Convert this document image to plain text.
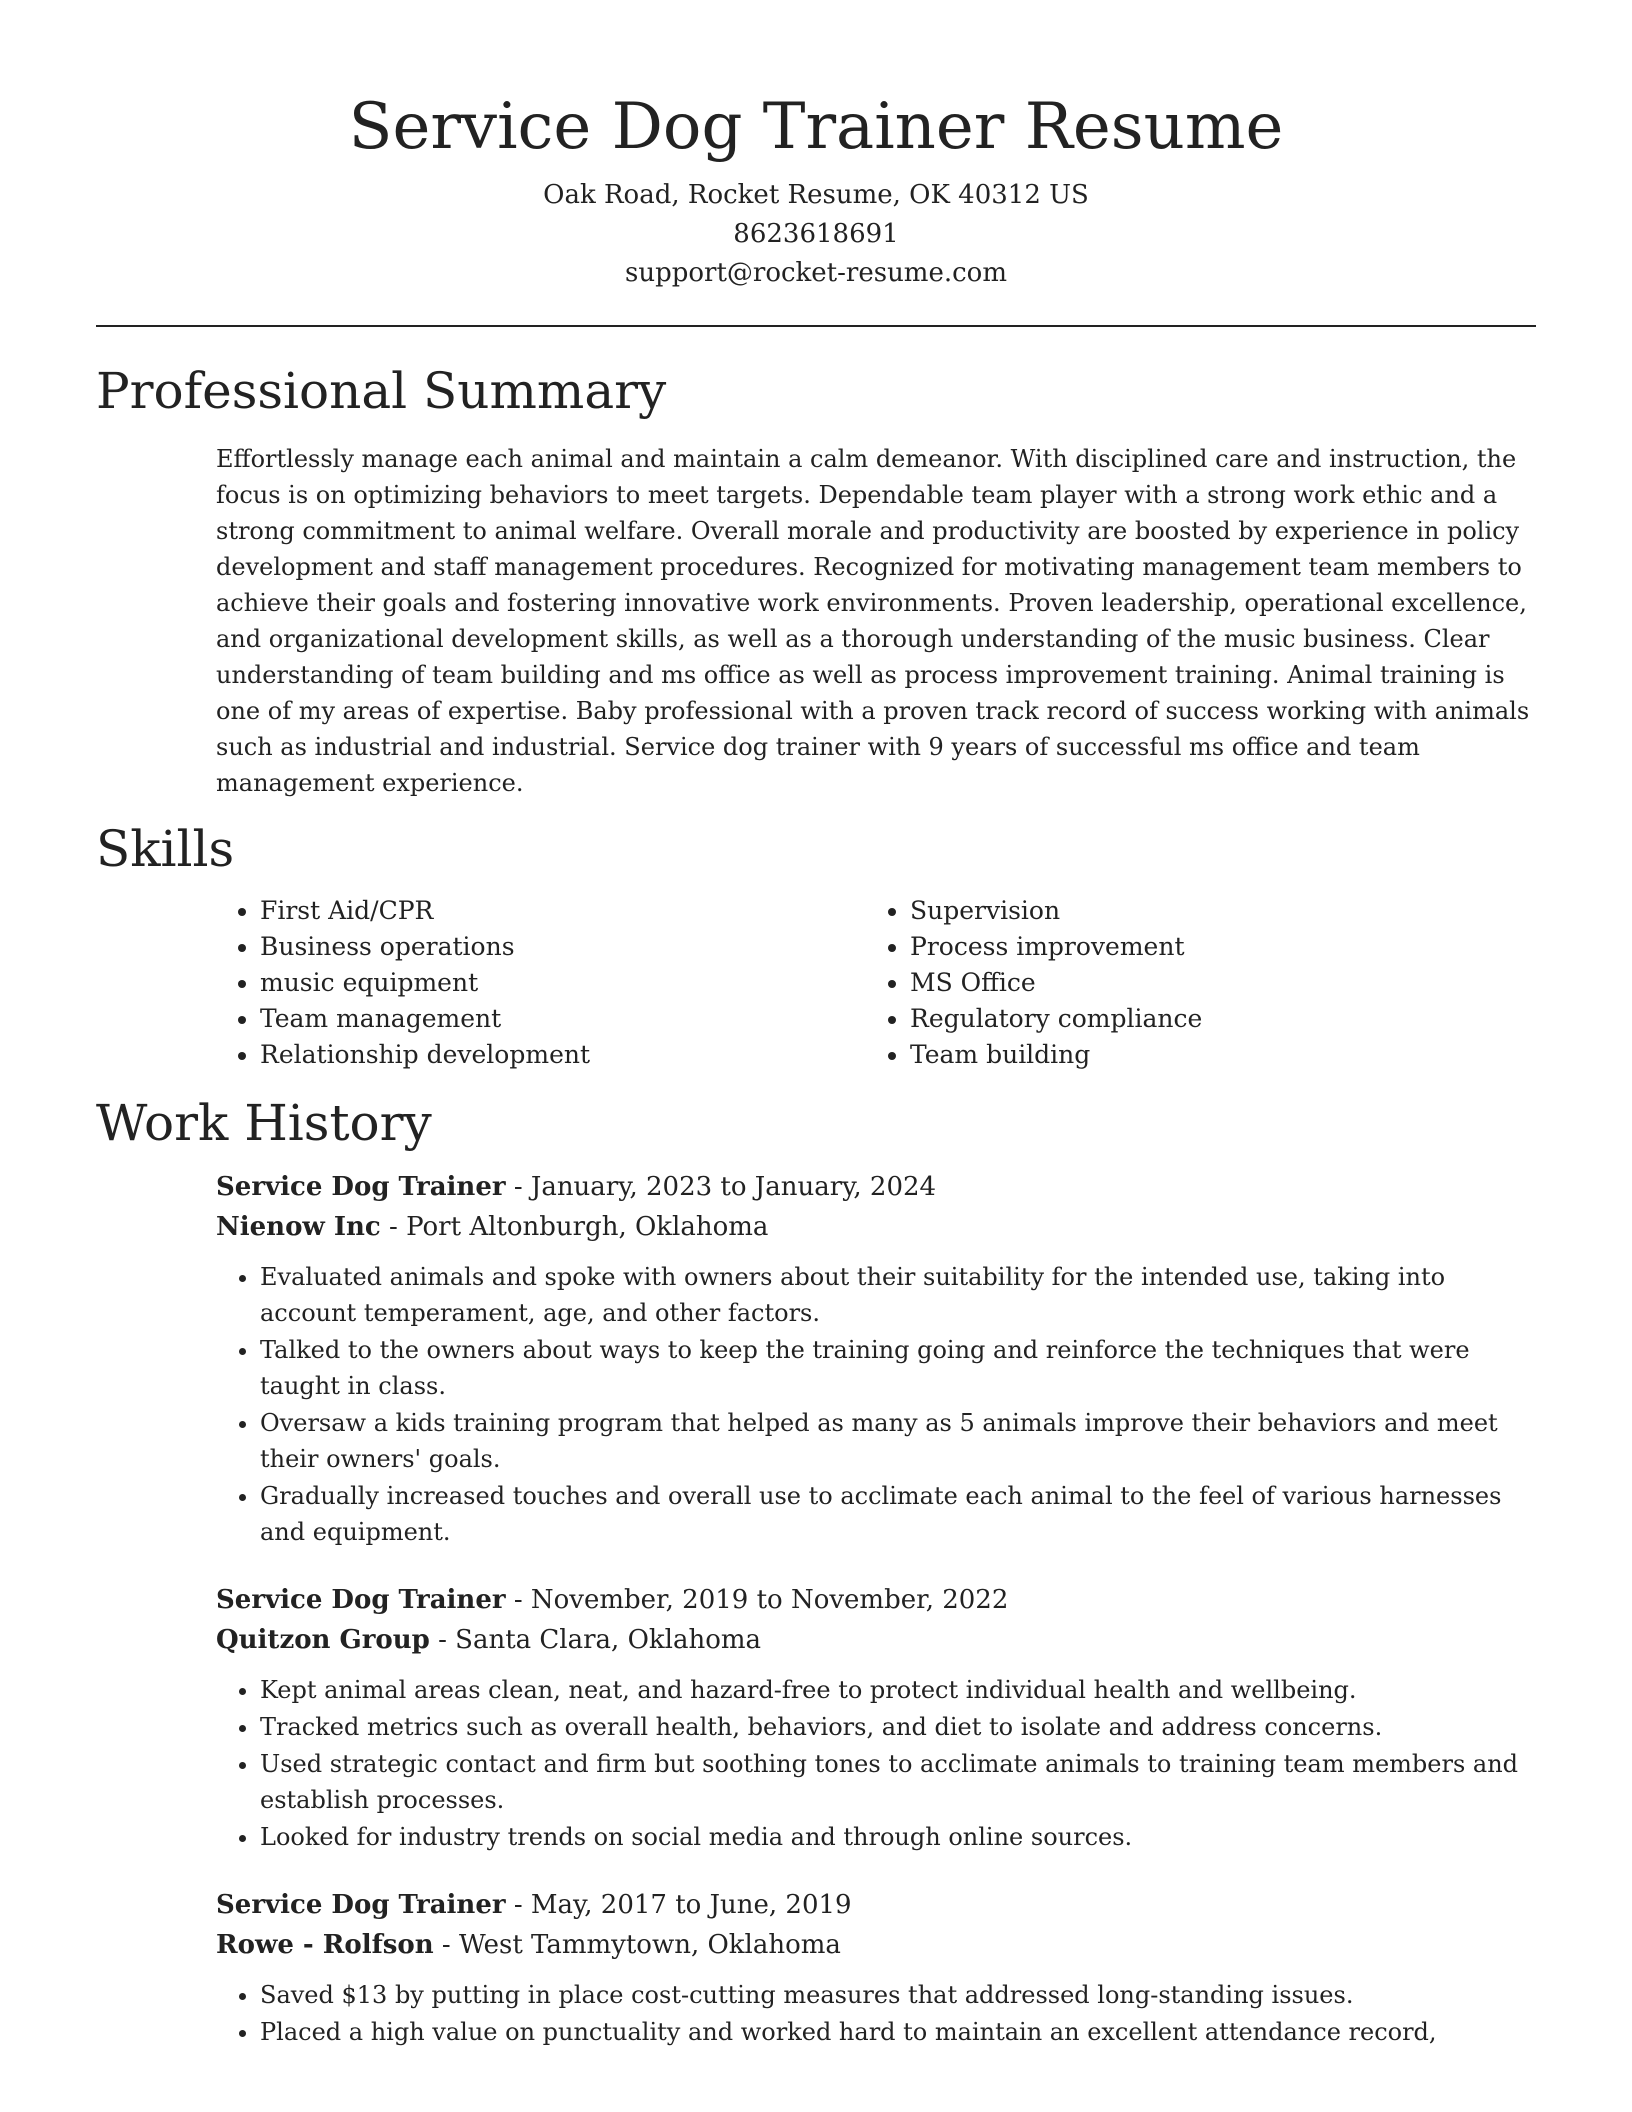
Service Dog Trainer Resume
Oak Road, Rocket Resume, OK 40312 US
8623618691
support@rocket-resume.com
Professional Summary

Effortlessly manage each animal and maintain a calm demeanor. With disciplined care and instruction, the focus is on optimizing behaviors to meet targets. Dependable team player with a strong work ethic and a strong commitment to animal welfare. Overall morale and productivity are boosted by experience in policy development and staff management procedures. Recognized for motivating management team members to achieve their goals and fostering innovative work environments. Proven leadership, operational excellence, and organizational development skills, as well as a thorough understanding of the music business. Clear understanding of team building and ms office as well as process improvement training. Animal training is one of my areas of expertise. Baby professional with a proven track record of success working with animals such as industrial and industrial. Service dog trainer with 9 years of successful ms office and team management experience.

Skills
• First Aid/CPR
• Business operations
• music equipment
• Team management
• Relationship development
• Supervision
• Process improvement
• MS Office
• Regulatory compliance
• Team building
Work History
Service Dog Trainer - January, 2023 to January, 2024
Nienow Inc - Port Altonburgh, Oklahoma
• Evaluated animals and spoke with owners about their suitability for the intended use, taking into account temperament, age, and other factors.
• Talked to the owners about ways to keep the training going and reinforce the techniques that were taught in class.
• Oversaw a kids training program that helped as many as 5 animals improve their behaviors and meet their owners' goals.
• Gradually increased touches and overall use to acclimate each animal to the feel of various harnesses and equipment.
Service Dog Trainer - November, 2019 to November, 2022
Quitzon Group - Santa Clara, Oklahoma
• Kept animal areas clean, neat, and hazard-free to protect individual health and wellbeing.
• Tracked metrics such as overall health, behaviors, and diet to isolate and address concerns.
• Used strategic contact and firm but soothing tones to acclimate animals to training team members and establish processes.
• Looked for industry trends on social media and through online sources.
Service Dog Trainer - May, 2017 to June, 2019
Rowe - Rolfson - West Tammytown, Oklahoma
• Saved $13 by putting in place cost-cutting measures that addressed long-standing issues.
• Placed a high value on punctuality and worked hard to maintain an excellent attendance record,
